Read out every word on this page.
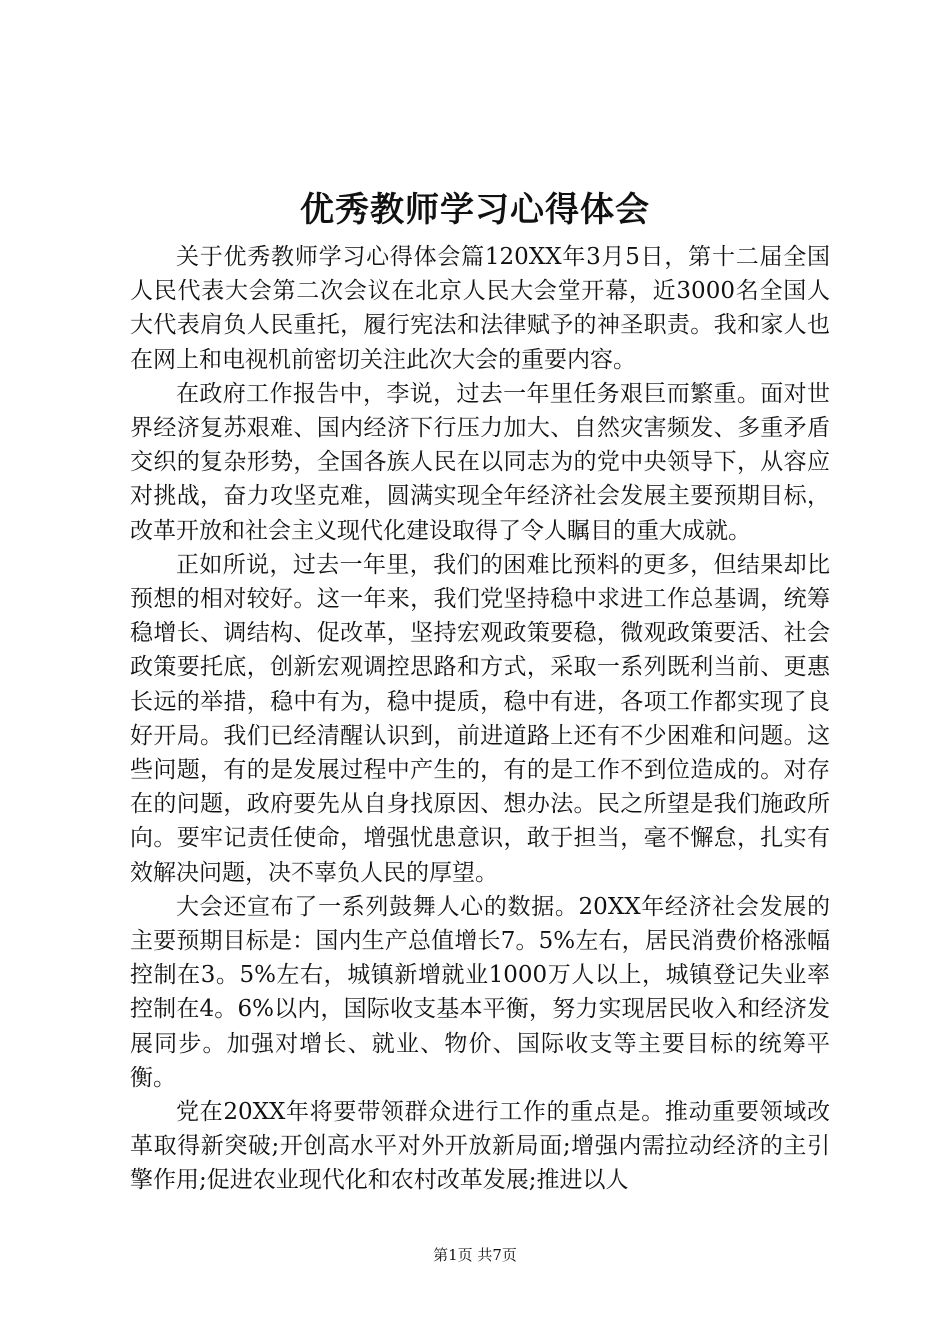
优秀教师学习心得体会

关于优秀教师学习心得体会篇120XX年3月5日，第十二届全国人民代表大会第二次会议在北京人民大会堂开幕，近3000名全国人大代表肩负人民重托，履行宪法和法律赋予的神圣职责。我和家人也在网上和电视机前密切关注此次大会的重要内容。

在政府工作报告中，李说，过去一年里任务艰巨而繁重。面对世界经济复苏艰难、国内经济下行压力加大、自然灾害频发、多重矛盾交织的复杂形势，全国各族人民在以同志为的党中央领导下，从容应对挑战，奋力攻坚克难，圆满实现全年经济社会发展主要预期目标，改革开放和社会主义现代化建设取得了令人瞩目的重大成就。

正如所说，过去一年里，我们的困难比预料的更多，但结果却比预想的相对较好。这一年来，我们党坚持稳中求进工作总基调，统筹稳增长、调结构、促改革，坚持宏观政策要稳，微观政策要活、社会政策要托底，创新宏观调控思路和方式，采取一系列既利当前、更惠长远的举措，稳中有为，稳中提质，稳中有进，各项工作都实现了良好开局。我们已经清醒认识到，前进道路上还有不少困难和问题。这些问题，有的是发展过程中产生的，有的是工作不到位造成的。对存在的问题，政府要先从自身找原因、想办法。民之所望是我们施政所向。要牢记责任使命，增强忧患意识，敢于担当，毫不懈怠，扎实有效解决问题，决不辜负人民的厚望。

大会还宣布了一系列鼓舞人心的数据。20XX年经济社会发展的主要预期目标是：国内生产总值增长7。5%左右，居民消费价格涨幅控制在3。5%左右，城镇新增就业1000万人以上，城镇登记失业率控制在4。6%以内，国际收支基本平衡，努力实现居民收入和经济发展同步。加强对增长、就业、物价、国际收支等主要目标的统筹平衡。

党在20XX年将要带领群众进行工作的重点是。推动重要领域改革取得新突破;开创高水平对外开放新局面;增强内需拉动经济的主引擎作用;促进农业现代化和农村改革发展;推进以人

第1页 共7页
